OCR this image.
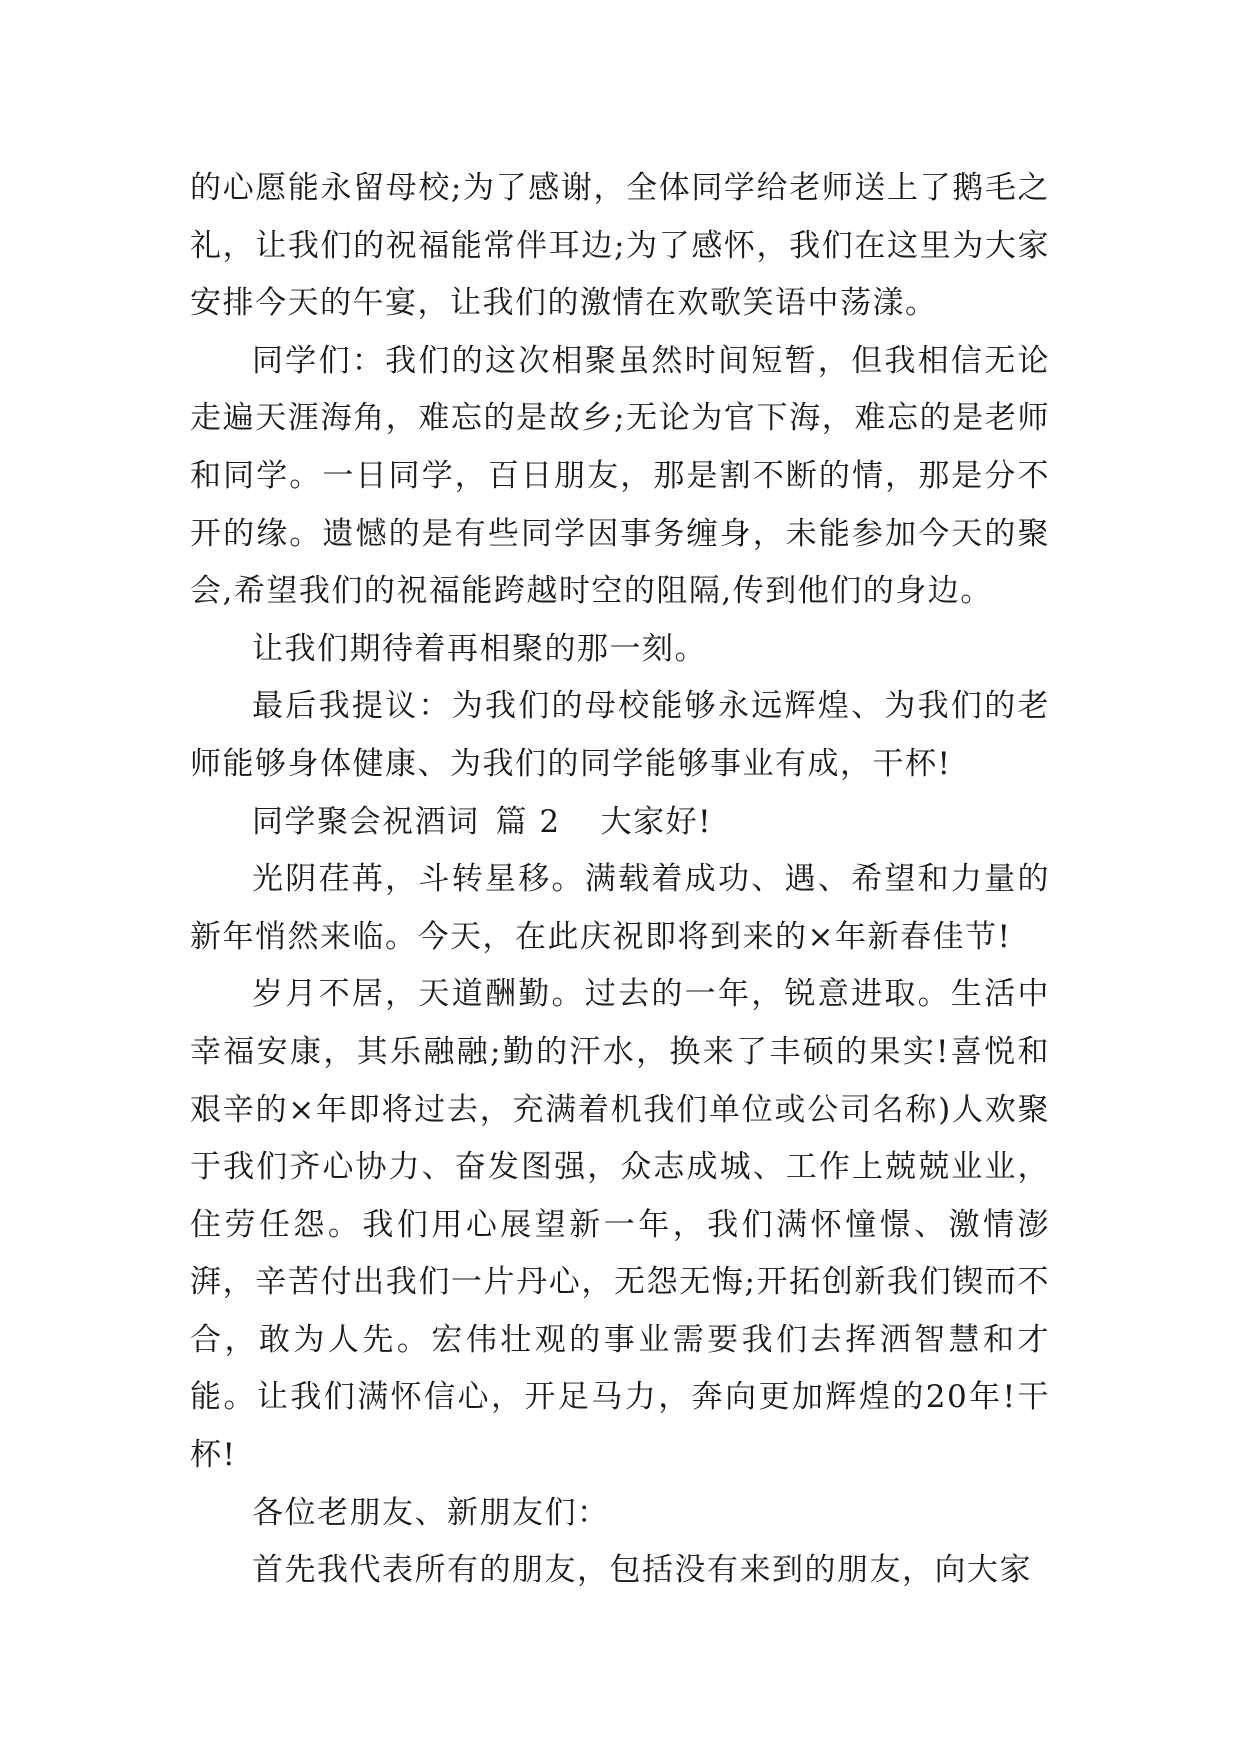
的心愿能永留母校;为了感谢，全体同学给老师送上了鹅毛之礼，让我们的祝福能常伴耳边;为了感怀，我们在这里为大家安排今天的午宴，让我们的激情在欢歌笑语中荡漾。

同学们：我们的这次相聚虽然时间短暂，但我相信无论走遍天涯海角，难忘的是故乡;无论为官下海，难忘的是老师和同学。一日同学，百日朋友，那是割不断的情，那是分不开的缘。遗憾的是有些同学因事务缠身，未能参加今天的聚会,希望我们的祝福能跨越时空的阻隔,传到他们的身边。

让我们期待着再相聚的那一刻。

最后我提议：为我们的母校能够永远辉煌、为我们的老师能够身体健康、为我们的同学能够事业有成，干杯!

同学聚会祝酒词 篇 2 大家好!

光阴荏苒，斗转星移。满载着成功、遇、希望和力量的新年悄然来临。今天，在此庆祝即将到来的×年新春佳节!

岁月不居，天道酬勤。过去的一年，锐意进取。生活中幸福安康，其乐融融;勤的汗水，换来了丰硕的果实!喜悦和艰辛的×年即将过去，充满着机我们单位或公司名称)人欢聚于我们齐心协力、奋发图强，众志成城、工作上兢兢业业，住劳任怨。我们用心展望新一年，我们满怀憧憬、激情澎湃，辛苦付出我们一片丹心，无怨无悔;开拓创新我们锲而不合，敢为人先。宏伟壮观的事业需要我们去挥洒智慧和才能。让我们满怀信心，开足马力，奔向更加辉煌的20年!干杯!

各位老朋友、新朋友们：

首先我代表所有的朋友，包括没有来到的朋友，向大家
